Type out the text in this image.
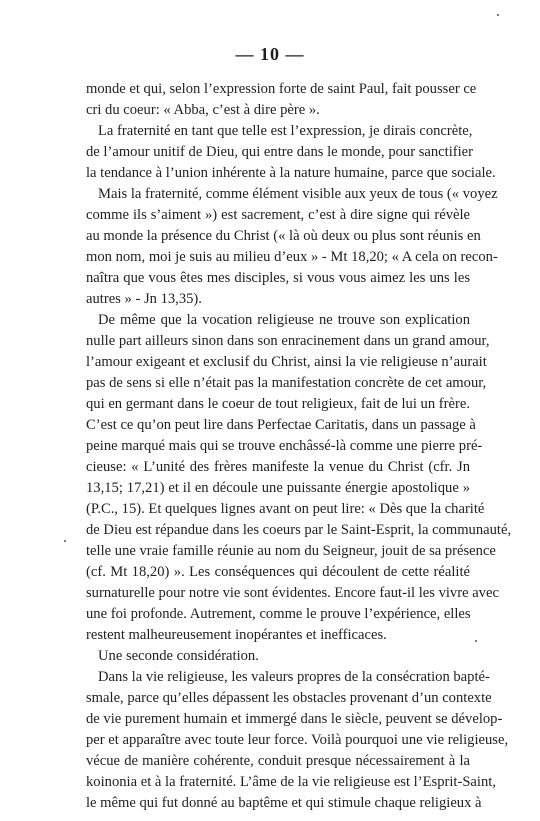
— 10 —
monde et qui, selon l’expression forte de saint Paul, fait pousser ce
cri du coeur: « Abba, c’est à dire père ».
La fraternité en tant que telle est l’expression, je dirais concrète,
de l’amour unitif de Dieu, qui entre dans le monde, pour sanctifier
la tendance à l’union inhérente à la nature humaine, parce que sociale.
Mais la fraternité, comme élément visible aux yeux de tous (« voyez
comme ils s’aiment ») est sacrement, c’est à dire signe qui révèle
au monde la présence du Christ (« là où deux ou plus sont réunis en
mon nom, moi je suis au milieu d’eux » - Mt 18,20; « A cela on recon-
naîtra que vous êtes mes disciples, si vous vous aimez les uns les
autres » - Jn 13,35).
De même que la vocation religieuse ne trouve son explication
nulle part ailleurs sinon dans son enracinement dans un grand amour,
l’amour exigeant et exclusif du Christ, ainsi la vie religieuse n’aurait
pas de sens si elle n’était pas la manifestation concrète de cet amour,
qui en germant dans le coeur de tout religieux, fait de lui un frère.
C’est ce qu’on peut lire dans Perfectae Caritatis, dans un passage à
peine marqué mais qui se trouve enchâssé-là comme une pierre pré-
cieuse: « L’unité des frères manifeste la venue du Christ (cfr. Jn
13,15; 17,21) et il en découle une puissante énergie apostolique »
(P.C., 15). Et quelques lignes avant on peut lire: « Dès que la charité
de Dieu est répandue dans les coeurs par le Saint-Esprit, la communauté,
telle une vraie famille réunie au nom du Seigneur, jouit de sa présence
(cf. Mt 18,20) ». Les conséquences qui découlent de cette réalité
surnaturelle pour notre vie sont évidentes. Encore faut-il les vivre avec
une foi profonde. Autrement, comme le prouve l’expérience, elles
restent malheureusement inopérantes et inefficaces.
Une seconde considération.
Dans la vie religieuse, les valeurs propres de la consécration bapté-
smale, parce qu’elles dépassent les obstacles provenant d’un contexte
de vie purement humain et immergé dans le siècle, peuvent se dévelop-
per et apparaître avec toute leur force. Voilà pourquoi une vie religieuse,
vécue de manière cohérente, conduit presque nécessairement à la
koinonia et à la fraternité. L’âme de la vie religieuse est l’Esprit-Saint,
le même qui fut donné au baptême et qui stimule chaque religieux à
